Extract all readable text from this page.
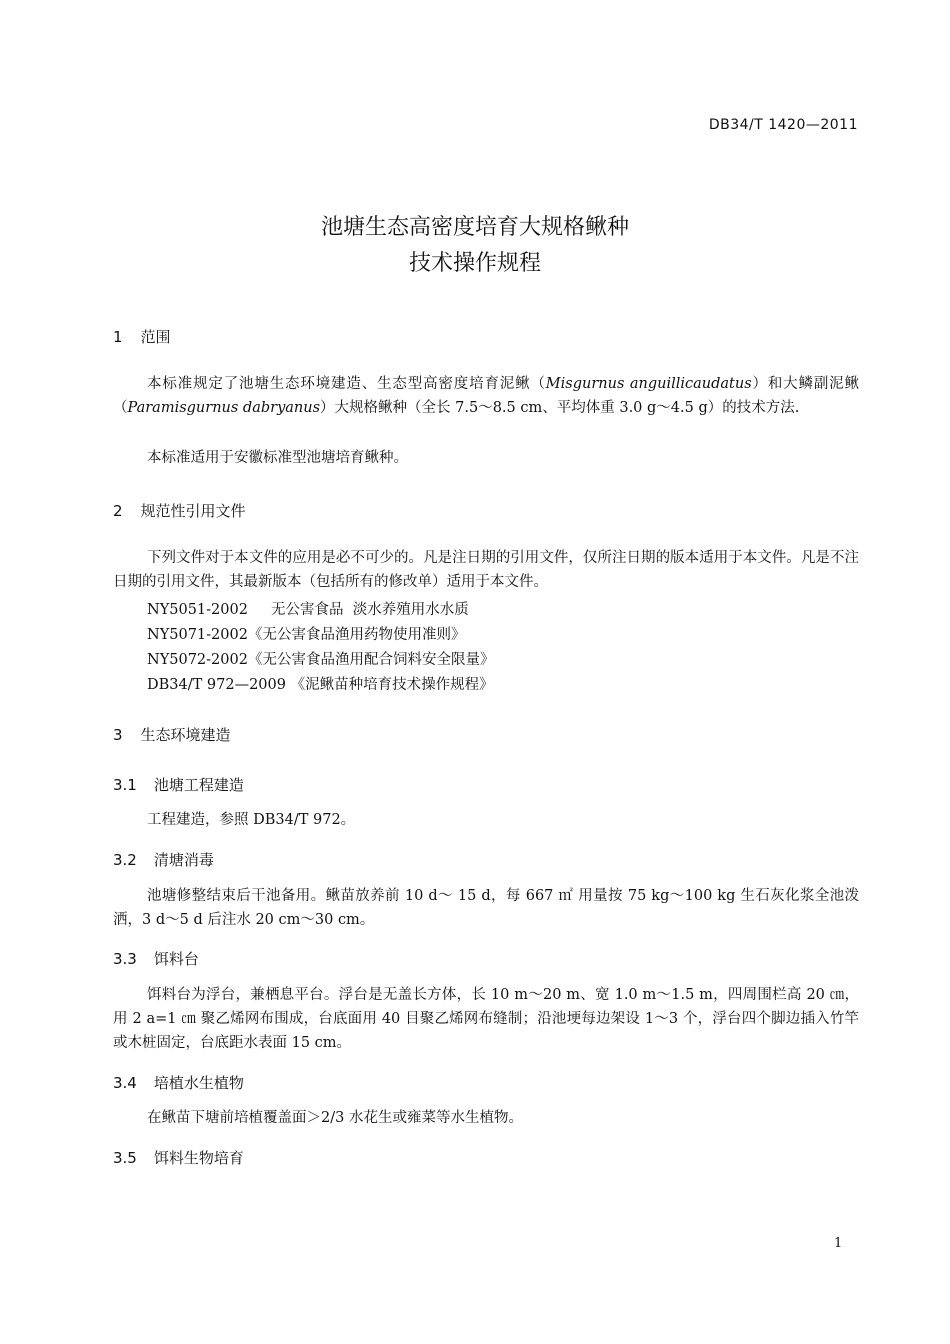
DB34/T 1420—2011
池塘生态高密度培育大规格鳅种
技术操作规程
1 范围
本标准规定了池塘生态环境建造、生态型高密度培育泥鳅（Misgurnus anguillicaudatus）和大鳞副泥鳅（Paramisgurnus dabryanus）大规格鳅种（全长 7.5～8.5 cm、平均体重 3.0 g～4.5 g）的技术方法.
本标准适用于安徽标准型池塘培育鳅种。
2 规范性引用文件
下列文件对于本文件的应用是必不可少的。凡是注日期的引用文件，仅所注日期的版本适用于本文件。凡是不注日期的引用文件，其最新版本（包括所有的修改单）适用于本文件。
NY5051-2002     无公害食品  淡水养殖用水水质
NY5071-2002《无公害食品渔用药物使用准则》
NY5072-2002《无公害食品渔用配合饲料安全限量》
DB34/T 972—2009 《泥鳅苗种培育技术操作规程》
3 生态环境建造
3.1 池塘工程建造
工程建造，参照 DB34/T 972。
3.2 清塘消毒
池塘修整结束后干池备用。鳅苗放养前 10 d～ 15 d，每 667 ㎡ 用量按 75 kg～100 kg 生石灰化浆全池泼洒，3 d～5 d 后注水 20 cm～30 cm。
3.3 饵料台
饵料台为浮台，兼栖息平台。浮台是无盖长方体，长 10 m～20 m、宽 1.0 m～1.5 m，四周围栏高 20 ㎝，用 2 a=1 ㎝ 聚乙烯网布围成，台底面用 40 目聚乙烯网布缝制；沿池埂每边架设 1～3 个，浮台四个脚边插入竹竿或木桩固定，台底距水表面 15 cm。
3.4 培植水生植物
在鳅苗下塘前培植覆盖面＞2/3 水花生或雍菜等水生植物。
3.5 饵料生物培育
1
